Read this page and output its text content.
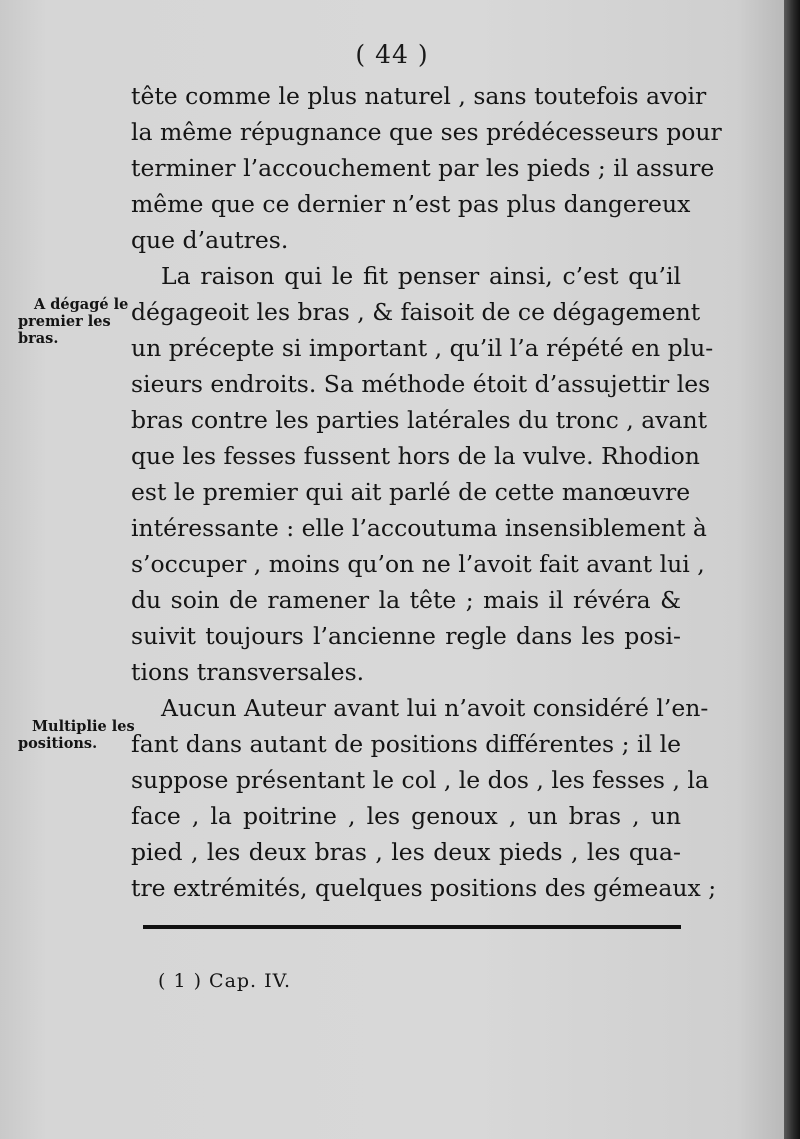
( 44 )
A dégagé le
premier les
bras.
Multiplie les
positions.
tête comme le plus naturel , sans toutefois avoir
la même répugnance que ses prédécesseurs pour
terminer l’accouchement par les pieds ; il assure
même que ce dernier n’est pas plus dangereux
que d’autres.
La raison qui le fit penser ainsi, c’est qu’il
dégageoit les bras , & faisoit de ce dégagement
un précepte si important , qu’il l’a répété en plu-
sieurs endroits. Sa méthode étoit d’assujettir les
bras contre les parties latérales du tronc , avant
que les fesses fussent hors de la vulve. Rhodion
est le premier qui ait parlé de cette manœuvre
intéressante : elle l’accoutuma insensiblement à
s’occuper , moins qu’on ne l’avoit fait avant lui ,
du soin de ramener la tête ; mais il révéra &
suivit toujours l’ancienne regle dans les posi-
tions transversales.
Aucun Auteur avant lui n’avoit considéré l’en-
fant dans autant de positions différentes ; il le
suppose présentant le col , le dos , les fesses , la
face , la poitrine , les genoux , un bras , un
pied , les deux bras , les deux pieds , les qua-
tre extrémités, quelques positions des gémeaux ;
( 1 ) Cap. IV.
